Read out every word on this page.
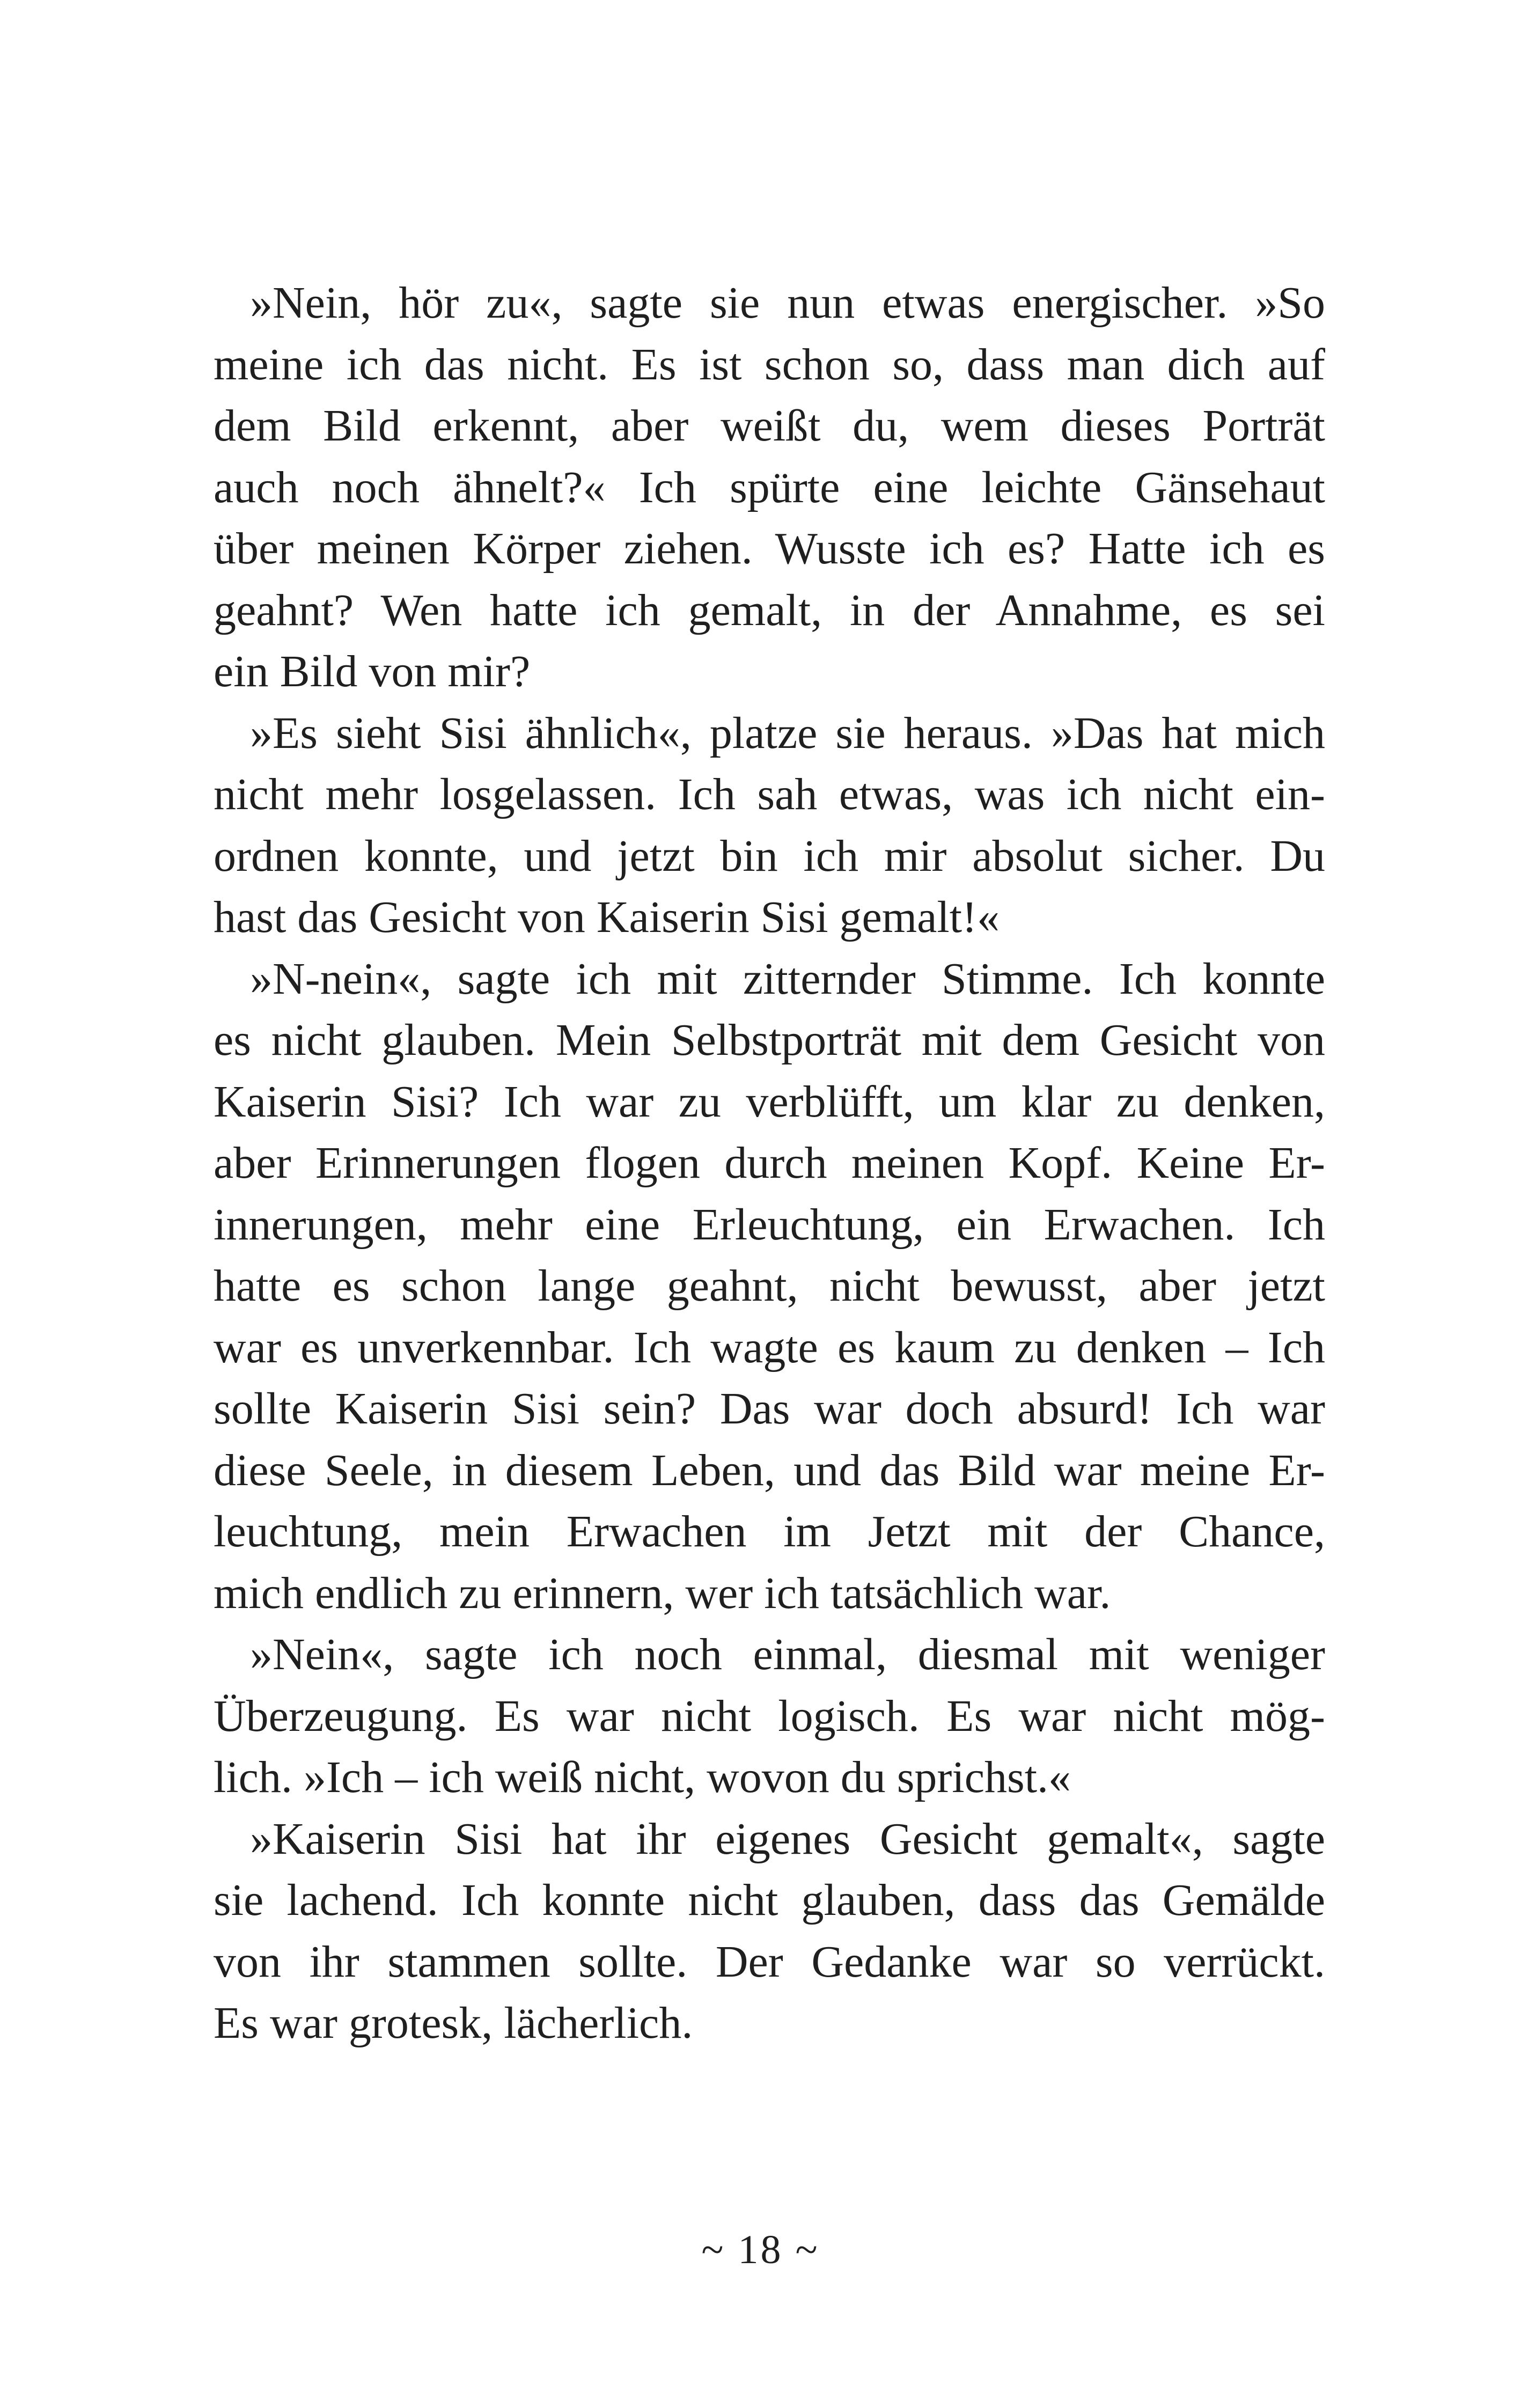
»Nein, hör zu«, sagte sie nun etwas energischer. »So
meine ich das nicht. Es ist schon so, dass man dich auf
dem Bild erkennt, aber weißt du, wem dieses Porträt
auch noch ähnelt?« Ich spürte eine leichte Gänsehaut
über meinen Körper ziehen. Wusste ich es? Hatte ich es
geahnt? Wen hatte ich gemalt, in der Annahme, es sei
ein Bild von mir?
»Es sieht Sisi ähnlich«, platze sie heraus. »Das hat mich
nicht mehr losgelassen. Ich sah etwas, was ich nicht ein-
ordnen konnte, und jetzt bin ich mir absolut sicher. Du
hast das Gesicht von Kaiserin Sisi gemalt!«
»N-nein«, sagte ich mit zitternder Stimme. Ich konnte
es nicht glauben. Mein Selbstporträt mit dem Gesicht von
Kaiserin Sisi? Ich war zu verblüfft, um klar zu denken,
aber Erinnerungen flogen durch meinen Kopf. Keine Er-
innerungen, mehr eine Erleuchtung, ein Erwachen. Ich
hatte es schon lange geahnt, nicht bewusst, aber jetzt
war es unverkennbar. Ich wagte es kaum zu denken – Ich
sollte Kaiserin Sisi sein? Das war doch absurd! Ich war
diese Seele, in diesem Leben, und das Bild war meine Er-
leuchtung, mein Erwachen im Jetzt mit der Chance,
mich endlich zu erinnern, wer ich tatsächlich war.
»Nein«, sagte ich noch einmal, diesmal mit weniger
Überzeugung. Es war nicht logisch. Es war nicht mög-
lich. »Ich – ich weiß nicht, wovon du sprichst.«
»Kaiserin Sisi hat ihr eigenes Gesicht gemalt«, sagte
sie lachend. Ich konnte nicht glauben, dass das Gemälde
von ihr stammen sollte. Der Gedanke war so verrückt.
Es war grotesk, lächerlich.
~ 18 ~
